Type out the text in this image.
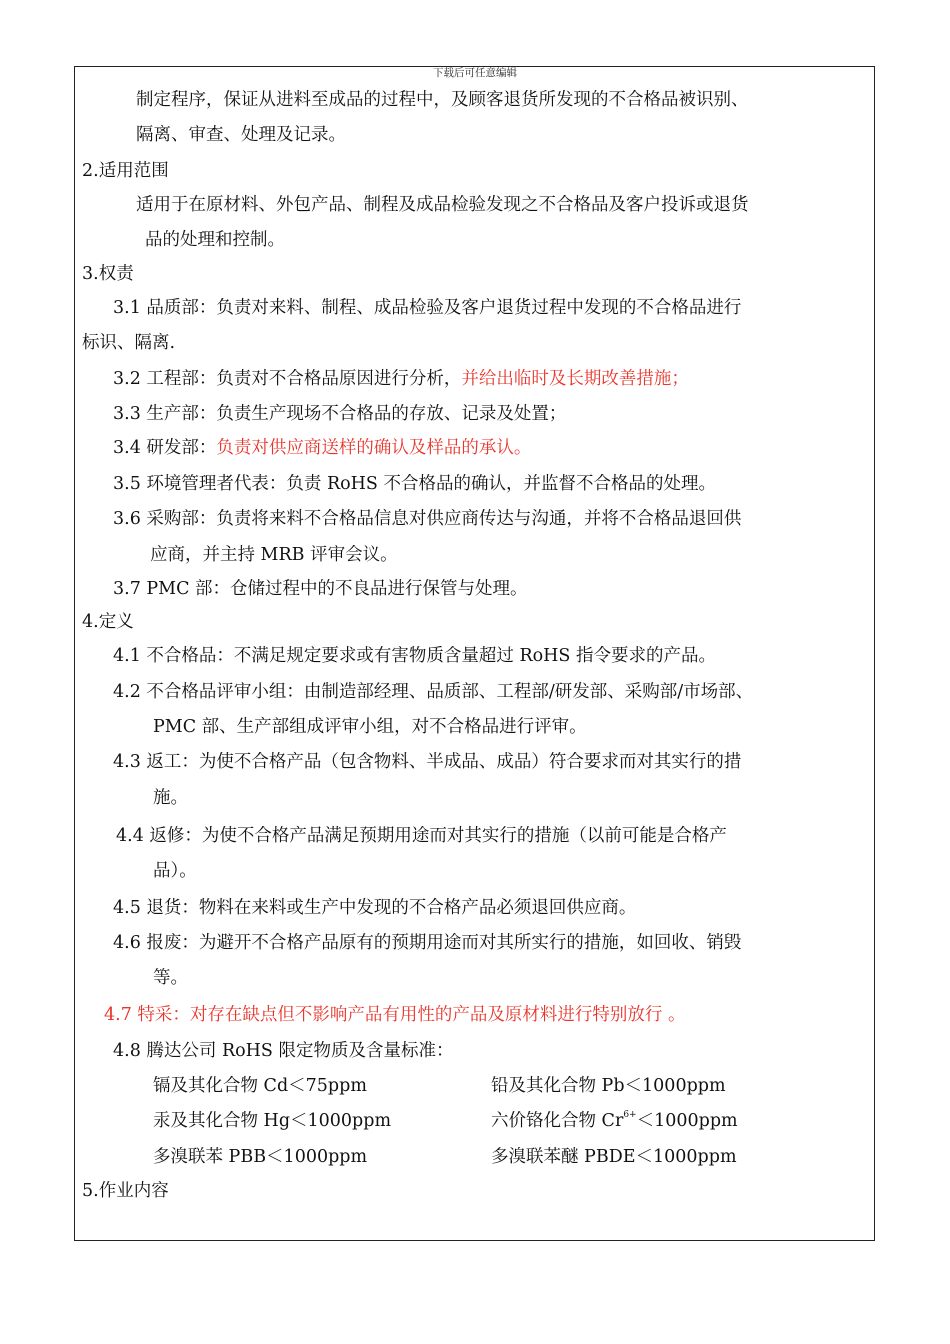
下载后可任意编辑
制定程序，保证从进料至成品的过程中，及顾客退货所发现的不合格品被识别、
隔离、审查、处理及记录。
2.适用范围
适用于在原材料、外包产品、制程及成品检验发现之不合格品及客户投诉或退货
品的处理和控制。
3.权责
3.1 品质部：负责对来料、制程、成品检验及客户退货过程中发现的不合格品进行
标识、隔离.
3.2 工程部：负责对不合格品原因进行分析，并给出临时及长期改善措施；
3.3 生产部：负责生产现场不合格品的存放、记录及处置；
3.4 研发部：负责对供应商送样的确认及样品的承认。
3.5 环境管理者代表：负责 RoHS 不合格品的确认，并监督不合格品的处理。
3.6 采购部：负责将来料不合格品信息对供应商传达与沟通，并将不合格品退回供
应商，并主持 MRB 评审会议。
3.7 PMC 部：仓储过程中的不良品进行保管与处理。
4.定义
4.1 不合格品：不满足规定要求或有害物质含量超过 RoHS 指令要求的产品。
4.2 不合格品评审小组：由制造部经理、品质部、工程部/研发部、采购部/市场部、
PMC 部、生产部组成评审小组，对不合格品进行评审。
4.3 返工：为使不合格产品（包含物料、半成品、成品）符合要求而对其实行的措
施。
4.4 返修：为使不合格产品满足预期用途而对其实行的措施（以前可能是合格产
品）。
4.5 退货：物料在来料或生产中发现的不合格产品必须退回供应商。
4.6 报废：为避开不合格产品原有的预期用途而对其所实行的措施，如回收、销毁
等。
4.7 特采：对存在缺点但不影响产品有用性的产品及原材料进行特别放行 。
4.8 腾达公司 RoHS 限定物质及含量标准：
镉及其化合物 Cd＜75ppm	铅及其化合物 Pb＜1000ppm
汞及其化合物 Hg＜1000ppm	六价铬化合物 $Cr^{6+}<1000ppm$
多溴联苯 PBB＜1000ppm	多溴联苯醚 PBDE＜1000ppm
5.作业内容
